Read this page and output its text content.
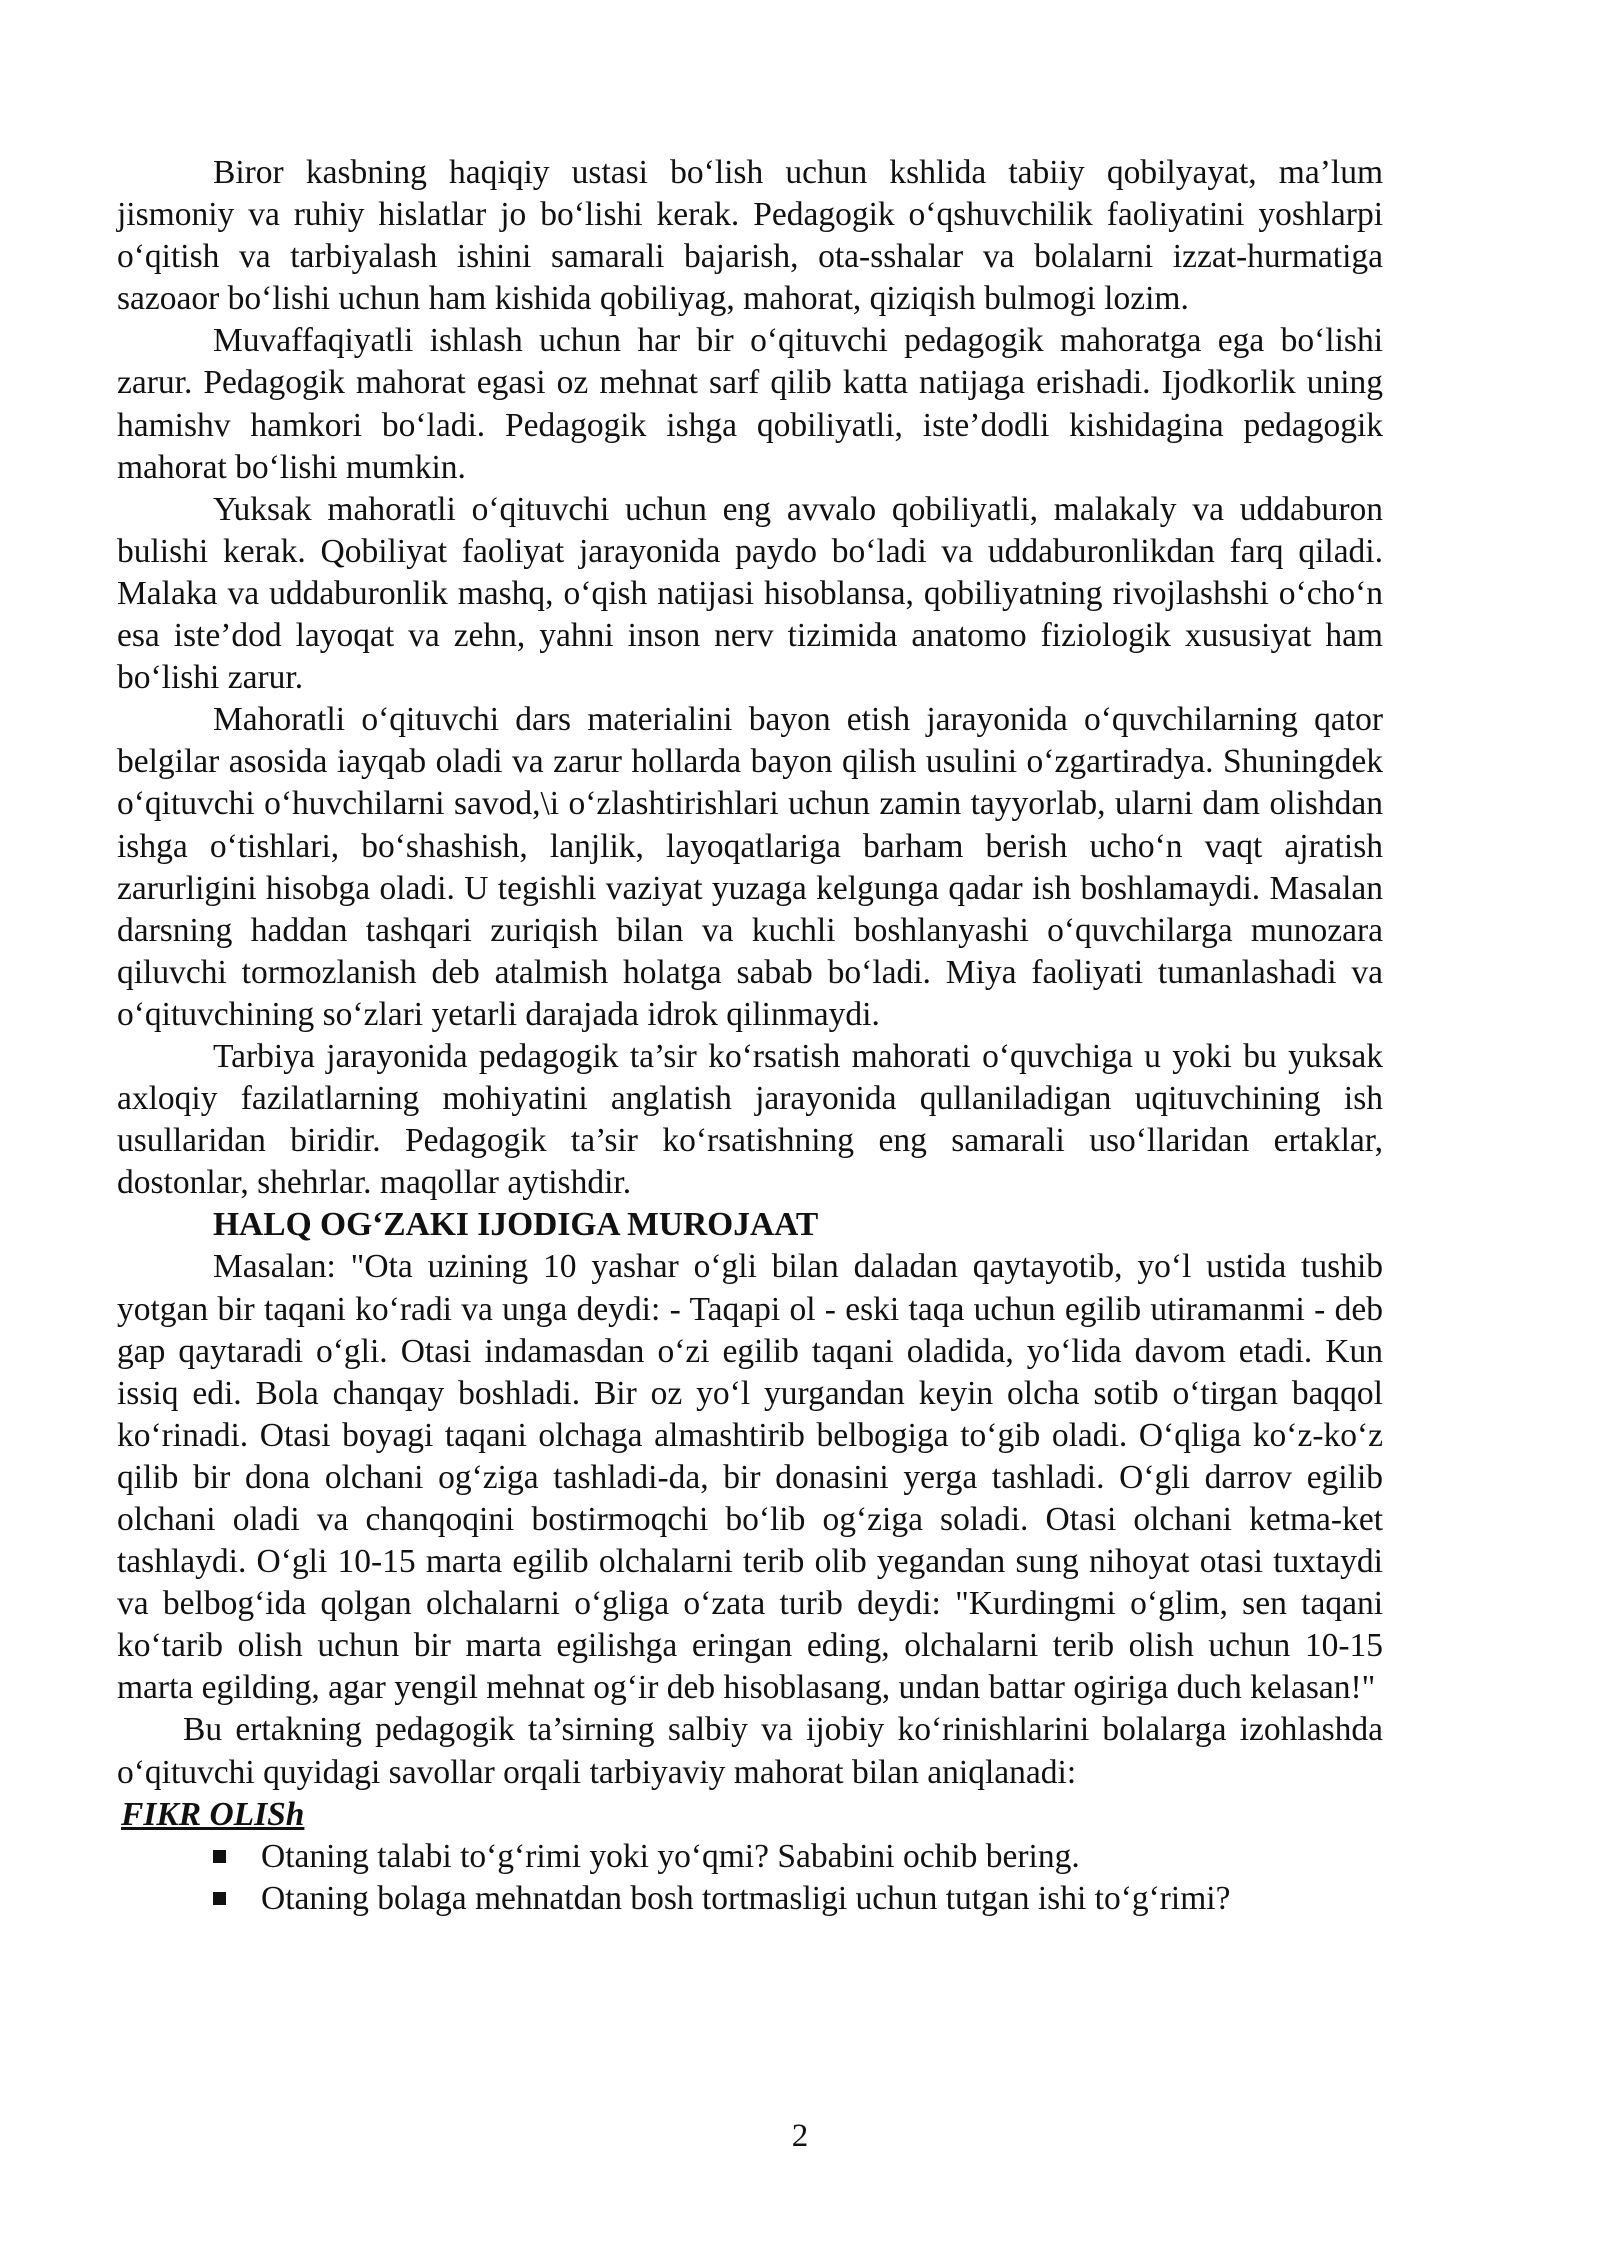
Biror kasbning haqiqiy ustasi bo‘lish uchun kshlida tabiiy qobilyayat, ma’lum jismoniy va ruhiy hislatlar jo bo‘lishi kerak. Pedagogik o‘qshuvchilik faoliyatini yoshlarpi o‘qitish va tarbiyalash ishini samarali bajarish, ota-sshalar va bolalarni izzat-hurmatiga sazoaor bo‘lishi uchun ham kishida qobiliyag, mahorat, qiziqish bulmogi lozim.

Muvaffaqiyatli ishlash uchun har bir o‘qituvchi pedagogik mahoratga ega bo‘lishi zarur. Pedagogik mahorat egasi oz mehnat sarf qilib katta natijaga erishadi. Ijodkorlik uning hamishv hamkori bo‘ladi. Pedagogik ishga qobiliyatli, iste’dodli kishidagina pedagogik mahorat bo‘lishi mumkin.

Yuksak mahoratli o‘qituvchi uchun eng avvalo qobiliyatli, malakaly va uddaburon bulishi kerak. Qobiliyat faoliyat jarayonida paydo bo‘ladi va uddaburonlikdan farq qiladi. Malaka va uddaburonlik mashq, o‘qish natijasi hisoblansa, qobiliyatning rivojlashshi o‘cho‘n esa iste’dod layoqat va zehn, yahni inson nerv tizimida anatomo fiziologik xususiyat ham bo‘lishi zarur.

Mahoratli o‘qituvchi dars materialini bayon etish jarayonida o‘quvchilarning qator belgilar asosida iayqab oladi va zarur hollarda bayon qilish usulini o‘zgartiradya. Shuningdek o‘qituvchi o‘huvchilarni savod,\i o‘zlashtirishlari uchun zamin tayyorlab, ularni dam olishdan ishga o‘tishlari, bo‘shashish, lanjlik, layoqatlariga barham berish ucho‘n vaqt ajratish zarurligini hisobga oladi. U tegishli vaziyat yuzaga kelgunga qadar ish boshlamaydi. Masalan darsning haddan tashqari zuriqish bilan va kuchli boshlanyashi o‘quvchilarga munozara qiluvchi tormozlanish deb atalmish holatga sabab bo‘ladi. Miya faoliyati tumanlashadi va o‘qituvchining so‘zlari yetarli darajada idrok qilinmaydi.

Tarbiya jarayonida pedagogik ta’sir ko‘rsatish mahorati o‘quvchiga u yoki bu yuksak axloqiy fazilatlarning mohiyatini anglatish jarayonida qullaniladigan uqituvchining ish usullaridan biridir. Pedagogik ta’sir ko‘rsatishning eng samarali uso‘llaridan ertaklar, dostonlar, shehrlar. maqollar aytishdir.

HALQ OG‘ZAKI IJODIGA MUROJAAT

Masalan: "Ota uzining 10 yashar o‘gli bilan daladan qaytayotib, yo‘l ustida tushib yotgan bir taqani ko‘radi va unga deydi: - Taqapi ol - eski taqa uchun egilib utiramanmi - deb gap qaytaradi o‘gli. Otasi indamasdan o‘zi egilib taqani oladida, yo‘lida davom etadi. Kun issiq edi. Bola chanqay boshladi. Bir oz yo‘l yurgandan keyin olcha sotib o‘tirgan baqqol ko‘rinadi. Otasi boyagi taqani olchaga almashtirib belbogiga to‘gib oladi. O‘qliga ko‘z-ko‘z qilib bir dona olchani og‘ziga tashladi-da, bir donasini yerga tashladi. O‘gli darrov egilib olchani oladi va chanqoqini bostirmoqchi bo‘lib og‘ziga soladi. Otasi olchani ketma-ket tashlaydi. O‘gli 10-15 marta egilib olchalarni terib olib yegandan sung nihoyat otasi tuxtaydi va belbog‘ida qolgan olchalarni o‘gliga o‘zata turib deydi: "Kurdingmi o‘glim, sen taqani ko‘tarib olish uchun bir marta egilishga eringan eding, olchalarni terib olish uchun 10-15 marta egilding, agar yengil mehnat og‘ir deb hisoblasang, undan battar ogiriga duch kelasan!"

Bu ertakning pedagogik ta’sirning salbiy va ijobiy ko‘rinishlarini bolalarga izohlashda o‘qituvchi quyidagi savollar orqali tarbiyaviy mahorat bilan aniqlanadi:

FIKR OLISh

Otaning talabi to‘g‘rimi yoki yo‘qmi? Sababini ochib bering.
Otaning bolaga mehnatdan bosh tortmasligi uchun tutgan ishi to‘g‘rimi?
2
